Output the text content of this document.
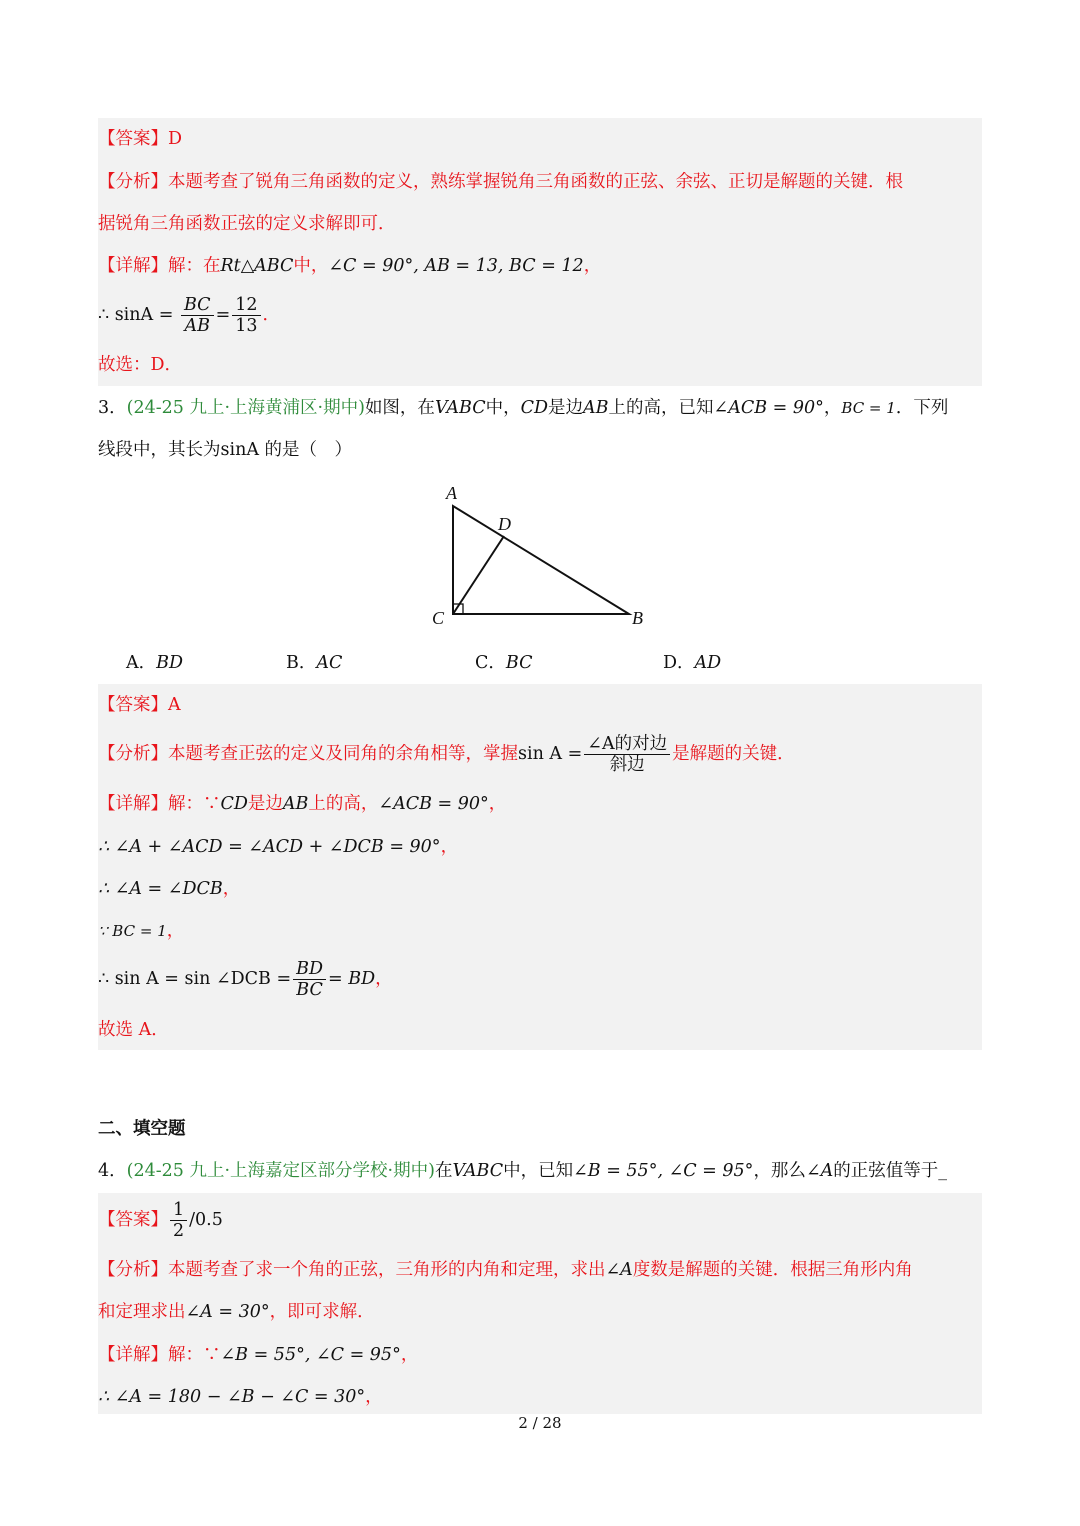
【答案】D
【分析】本题考查了锐角三角函数的定义，熟练掌握锐角三角函数的正弦、余弦、正切是解题的关键．根
据锐角三角函数正弦的定义求解即可．
【详解】解：在Rt△ABC中，∠C = 90°, AB = 13, BC = 12，
∴ $\sin A = \frac{BC}{AB} = \frac{12}{13}$ ．
故选：D．
3．(24-25 九上·上海黄浦区·期中)如图，在VABC中，CD是边AB上的高，已知∠ACB = 90°，BC = 1．下列
线段中，其长为sinA 的是（　）
A
D
C	B
A．BD	B．AC	C．BC	D．AD
【答案】A
【分析】本题考查正弦的定义及同角的余角相等，掌握$\sin A = \frac{\text{∠A的对边}}{\text{斜边}}$ 是解题的关键．
【详解】解：∵CD是边AB上的高，∠ACB = 90°，
∴ ∠A + ∠ACD = ∠ACD + ∠DCB = 90°，
∴ ∠A = ∠DCB，
∵ BC = 1，
∴ sin A = sin ∠DCB = $\frac{BD}{BC}$ = BD，
故选 A．
二、填空题
4．(24-25 九上·上海嘉定区部分学校·期中)在VABC中，已知∠B = 55°, ∠C = 95°，那么∠A的正弦值等于_
【答案】 $\frac{1}{2} /0.5$
【分析】本题考查了求一个角的正弦，三角形的内角和定理，求出∠A度数是解题的关键．根据三角形内角
和定理求出∠A = 30°，即可求解．
【详解】解：∵∠B = 55°, ∠C = 95°，
∴ ∠A = 180 − ∠B − ∠C = 30°，
2 / 28
